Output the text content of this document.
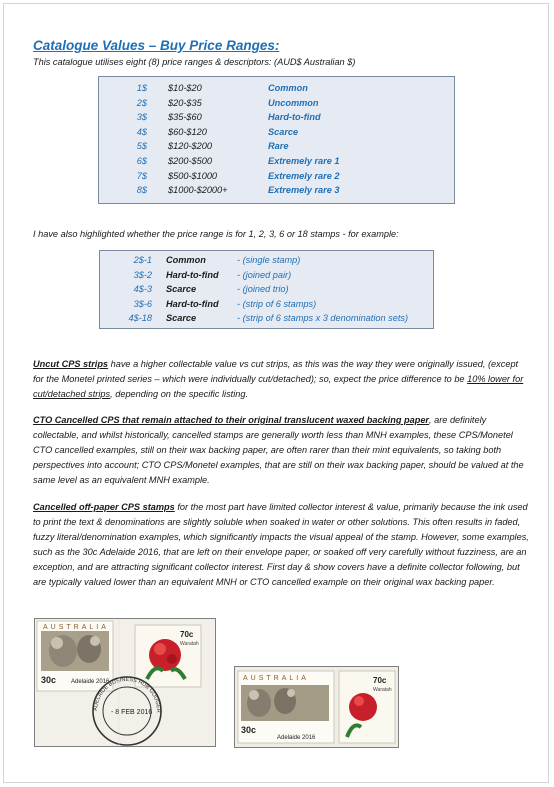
Catalogue Values – Buy Price Ranges:
This catalogue utilises eight (8) price ranges & descriptors: (AUD$ Australian $)
1$ $10-$20	Common
2$ $20-$35	Uncommon
3$ $35-$60	Hard-to-find
4$ $60-$120	Scarce
5$ $120-$200	Rare
6$ $200-$500	Extremely rare 1
7$ $500-$1000	Extremely rare 2
8$ $1000-$2000+	Extremely rare 3
I have also highlighted whether the price range is for 1, 2, 3, 6 or 18 stamps - for example:
2$-1 Common	- (single stamp)
3$-2 Hard-to-find - (joined pair)
4$-3 Scarce	- (joined trio)
3$-6 Hard-to-find - (strip of 6 stamps)
4$-18 Scarce	- (strip of 6 stamps x 3 denomination sets)
Uncut CPS strips have a higher collectable value vs cut strips, as this was the way they were originally issued, (except for the Monetel printed series – which were individually cut/detached); so, expect the price difference to be 10% lower for cut/detached strips, depending on the specific listing.
CTO Cancelled CPS that remain attached to their original translucent waxed backing paper, are definitely collectable, and whilst historically, cancelled stamps are generally worth less than MNH examples, these CPS/Monetel CTO cancelled examples, still on their wax backing paper, are often rarer than their mint equivalents, so taking both perspectives into account; CTO CPS/Monetel examples, that are still on their wax backing paper, should be valued at the same level as an equivalent MNH example.
Cancelled off-paper CPS stamps for the most part have limited collector interest & value, primarily because the ink used to print the text & denominations are slightly soluble when soaked in water or other solutions. This often results in faded, fuzzy literal/denomination examples, which significantly impacts the visual appeal of the stamp. However, some examples, such as the 30c Adelaide 2016, that are left on their envelope paper, or soaked off very carefully without fuzziness, are an exception, and are attracting significant collector interest. First day & show covers have a definite collector following, but are typically valued lower than an equivalent MNH or CTO cancelled example on their original wax backing paper.
AUSTRALIA
30c Adelaide 2016
70c
Waratah
ADELAIDE BUSINESS HUB GOUGER
- 8 FEB 2016
AUSTRALIA
30c
Adelaide 2016
70c
Waratah
